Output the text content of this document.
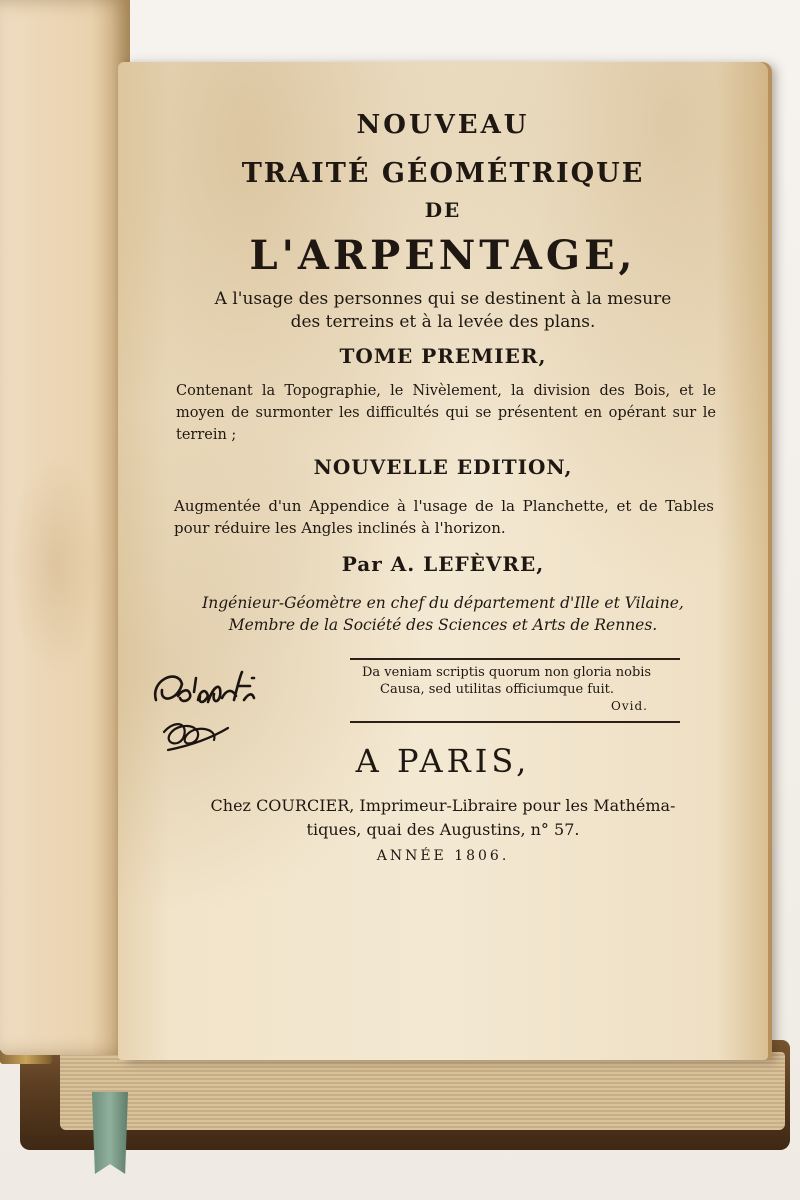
NOUVEAU
TRAITÉ GÉOMÉTRIQUE
DE
L'ARPENTAGE,
A l'usage des personnes qui se destinent à la mesure
des terreins et à la levée des plans.
TOME PREMIER,
Contenant la Topographie, le Nivèlement, la division des Bois, et le moyen de surmonter les difficultés qui se présentent en opérant sur le terrein ;
NOUVELLE EDITION,
Augmentée d'un Appendice à l'usage de la Planchette, et de Tables pour réduire les Angles inclinés à l'horizon.
Par A. LEFÈVRE,
Ingénieur-Géomètre en chef du département d'Ille et Vilaine,
Membre de la Société des Sciences et Arts de Rennes.
Da veniam scriptis quorum non gloria nobis
Causa, sed utilitas officiumque fuit.
Ovid.
A PARIS,
Chez COURCIER, Imprimeur-Libraire pour les Mathéma-
tiques, quai des Augustins, n° 57.
ANNÉE 1806.
